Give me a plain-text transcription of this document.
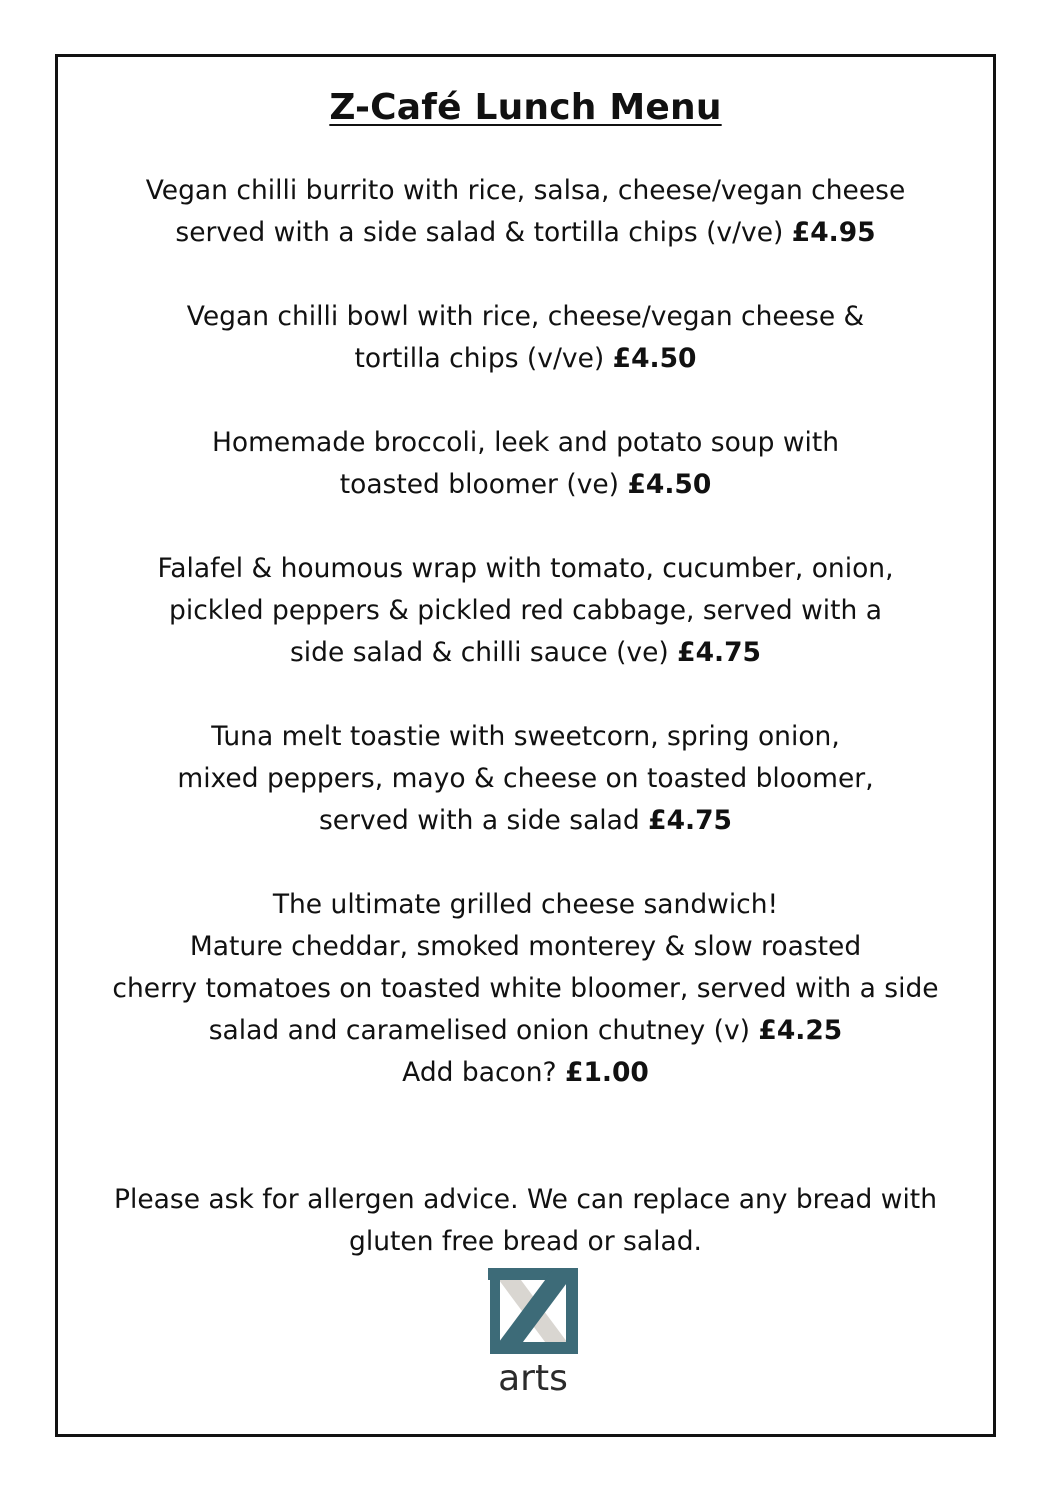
Z-Café Lunch Menu
Vegan chilli burrito with rice, salsa, cheese/vegan cheese
served with a side salad & tortilla chips (v/ve) £4.95
Vegan chilli bowl with rice, cheese/vegan cheese &
tortilla chips (v/ve) £4.50
Homemade broccoli, leek and potato soup with
toasted bloomer (ve) £4.50
Falafel & houmous wrap with tomato, cucumber, onion,
pickled peppers & pickled red cabbage, served with a
side salad & chilli sauce (ve) £4.75
Tuna melt toastie with sweetcorn, spring onion,
mixed peppers, mayo & cheese on toasted bloomer,
served with a side salad £4.75
The ultimate grilled cheese sandwich!
Mature cheddar, smoked monterey & slow roasted
cherry tomatoes on toasted white bloomer, served with a side
salad and caramelised onion chutney (v) £4.25
Add bacon? £1.00
Please ask for allergen advice. We can replace any bread with
gluten free bread or salad.
arts
